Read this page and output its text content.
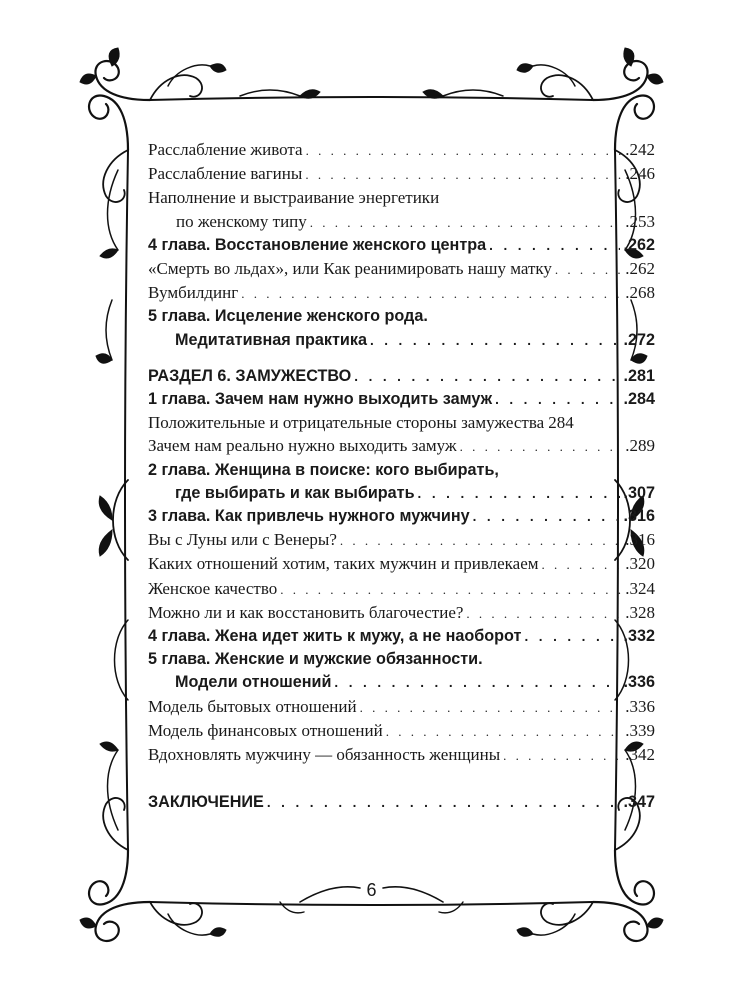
Расслабление живота . . .	.242
Расслабление вагины . . .	.246
Наполнение и выстраивание энергетики
по женскому типу . . .	.253
4 глава. Восстановление женского центра . . .	.262
«Смерть во льдах», или Как реанимировать нашу матку . . .	.262
Вумбилдинг . . .	.268
5 глава. Исцеление женского рода.
Медитативная практика . . .	.272
РАЗДЕЛ 6. ЗАМУЖЕСТВО . . .	.281
1 глава. Зачем нам нужно выходить замуж . . .	.284
Положительные и отрицательные стороны замужества 284
Зачем нам реально нужно выходить замуж . . .	.289
2 глава. Женщина в поиске: кого выбирать,
где выбирать и как выбирать . . .	.307
3 глава. Как привлечь нужного мужчину . . .	.316
Вы с Луны или с Венеры? . . .	.316
Каких отношений хотим, таких мужчин и привлекаем . . .	.320
Женское качество . . .	.324
Можно ли и как восстановить благочестие? . . .	.328
4 глава. Жена идет жить к мужу, а не наоборот . . .	.332
5 глава. Женские и мужские обязанности.
Модели отношений . . .	.336
Модель бытовых отношений . . .	.336
Модель финансовых отношений . . .	.339
Вдохновлять мужчину — обязанность женщины . . .	.342
ЗАКЛЮЧЕНИЕ . . .	.347
6
